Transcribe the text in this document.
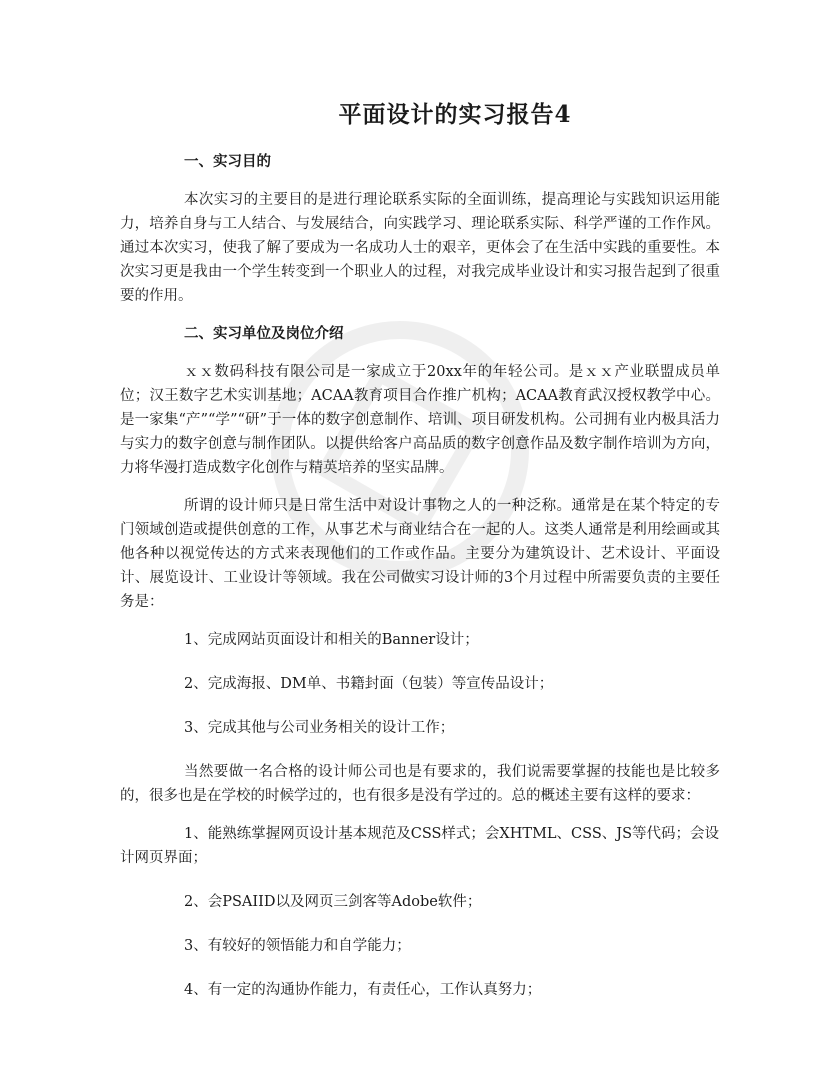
平面设计的实习报告4
一、实习目的

本次实习的主要目的是进行理论联系实际的全面训练，提高理论与实践知识运用能力，培养自身与工人结合、与发展结合，向实践学习、理论联系实际、科学严谨的工作作风。通过本次实习，使我了解了要成为一名成功人士的艰辛，更体会了在生活中实践的重要性。本次实习更是我由一个学生转变到一个职业人的过程，对我完成毕业设计和实习报告起到了很重要的作用。

二、实习单位及岗位介绍

ｘｘ数码科技有限公司是一家成立于20xx年的年轻公司。是ｘｘ产业联盟成员单位；汉王数字艺术实训基地；ACAA教育项目合作推广机构；ACAA教育武汉授权教学中心。是一家集“产”“学”“研”于一体的数字创意制作、培训、项目研发机构。公司拥有业内极具活力与实力的数字创意与制作团队。以提供给客户高品质的数字创意作品及数字制作培训为方向，力将华漫打造成数字化创作与精英培养的坚实品牌。

所谓的设计师只是日常生活中对设计事物之人的一种泛称。通常是在某个特定的专门领域创造或提供创意的工作，从事艺术与商业结合在一起的人。这类人通常是利用绘画或其他各种以视觉传达的方式来表现他们的工作或作品。主要分为建筑设计、艺术设计、平面设计、展览设计、工业设计等领域。我在公司做实习设计师的3个月过程中所需要负责的主要任务是：

1、完成网站页面设计和相关的Banner设计；

2、完成海报、DM单、书籍封面（包装）等宣传品设计；

3、完成其他与公司业务相关的设计工作；

当然要做一名合格的设计师公司也是有要求的，我们说需要掌握的技能也是比较多的，很多也是在学校的时候学过的，也有很多是没有学过的。总的概述主要有这样的要求：

1、能熟练掌握网页设计基本规范及CSS样式；会XHTML、CSS、JS等代码；会设计网页界面；

2、会PSAIID以及网页三剑客等Adobe软件；

3、有较好的领悟能力和自学能力；

4、有一定的沟通协作能力，有责任心，工作认真努力；
